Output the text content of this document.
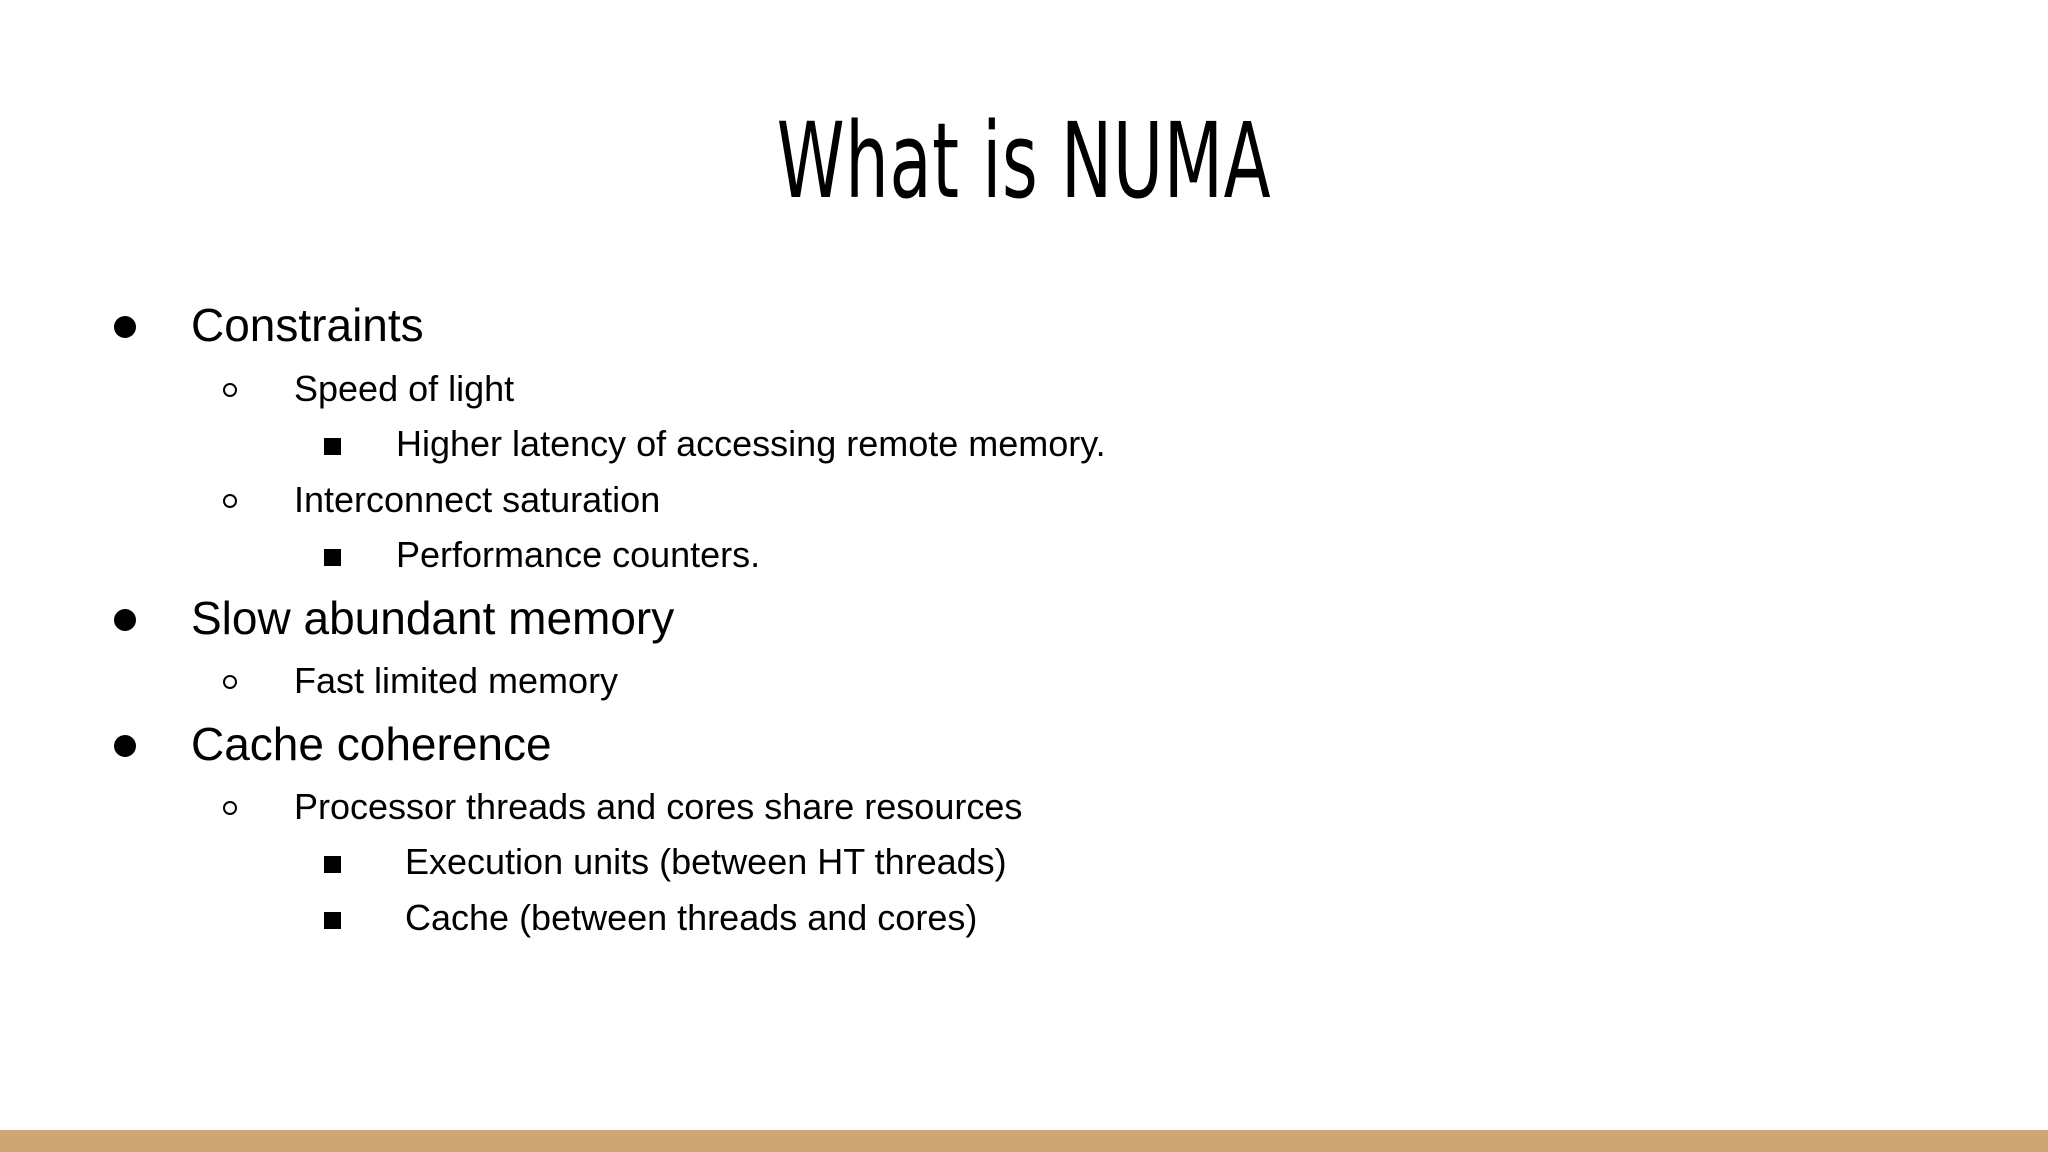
What is NUMA
Constraints
Speed of light
Higher latency of accessing remote memory.
Interconnect saturation
Performance counters.
Slow abundant memory
Fast limited memory
Cache coherence
Processor threads and cores share resources
Execution units (between HT threads)
Cache (between threads and cores)
